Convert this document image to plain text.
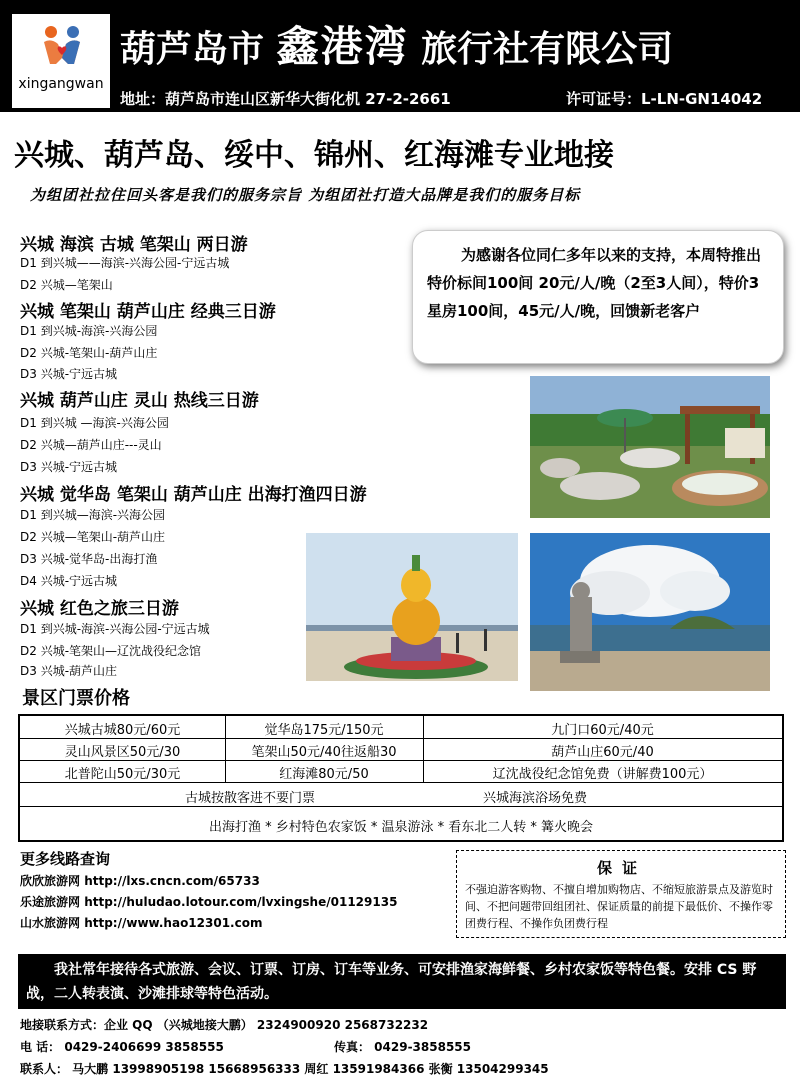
xingangwan
葫芦岛市 鑫港湾 旅行社有限公司
地址：葫芦岛市连山区新华大街化机 27-2-2661	许可证号：L-LN-GN14042
兴城、葫芦岛、绥中、锦州、红海滩专业地接
为组团社拉住回头客是我们的服务宗旨 为组团社打造大品牌是我们的服务目标
兴城 海滨 古城 笔架山 两日游
D1 到兴城——海滨-兴海公园-宁远古城
D2 兴城—笔架山
兴城 笔架山 葫芦山庄 经典三日游
D1 到兴城-海滨-兴海公园
D2 兴城-笔架山-葫芦山庄
D3 兴城-宁远古城
兴城 葫芦山庄 灵山 热线三日游
D1 到兴城 —海滨-兴海公园
D2 兴城—葫芦山庄---灵山
D3 兴城-宁远古城
兴城 觉华岛 笔架山 葫芦山庄 出海打渔四日游
D1 到兴城—海滨-兴海公园
D2 兴城—笔架山-葫芦山庄
D3 兴城-觉华岛-出海打渔
D4 兴城-宁远古城
兴城 红色之旅三日游
D1 到兴城-海滨-兴海公园-宁远古城
D2 兴城-笔架山—辽沈战役纪念馆
D3 兴城-葫芦山庄
为感谢各位同仁多年以来的支持，本周特推出特价标间100间 20元/人/晚（2至3人间），特价3星房100间，45元/人/晚，回馈新老客户
景区门票价格
兴城古城80元/60元	觉华岛175元/150元	九门口60元/40元
灵山风景区50元/30	笔架山50元/40往返船30	葫芦山庄60元/40
北普陀山50元/30元	红海滩80元/50	辽沈战役纪念馆免费（讲解费100元）
古城按散客进不要门票	兴城海滨浴场免费
出海打渔 * 乡村特色农家饭 * 温泉游泳 * 看东北二人转 * 篝火晚会
更多线路查询
欣欣旅游网 http://lxs.cncn.com/65733
乐途旅游网 http://huludao.lotour.com/lvxingshe/01129135
山水旅游网 http://www.hao12301.com
保证
不强迫游客购物、不擅自增加购物店、不缩短旅游景点及游览时间、不把问题带回组团社、保证质量的前提下最低价、不操作零团费行程、不操作负团费行程
我社常年接待各式旅游、会议、订票、订房、订车等业务、可安排渔家海鲜餐、乡村农家饭等特色餐。安排 CS 野战，二人转表演、沙滩排球等特色活动。
地接联系方式：企业 QQ （兴城地接大鹏） 2324900920 2568732232
电 话： 0429-2406699 3858555	传真： 0429-3858555
联系人： 马大鹏 13998905198 15668956333 周红 13591984366 张衡 13504299345
